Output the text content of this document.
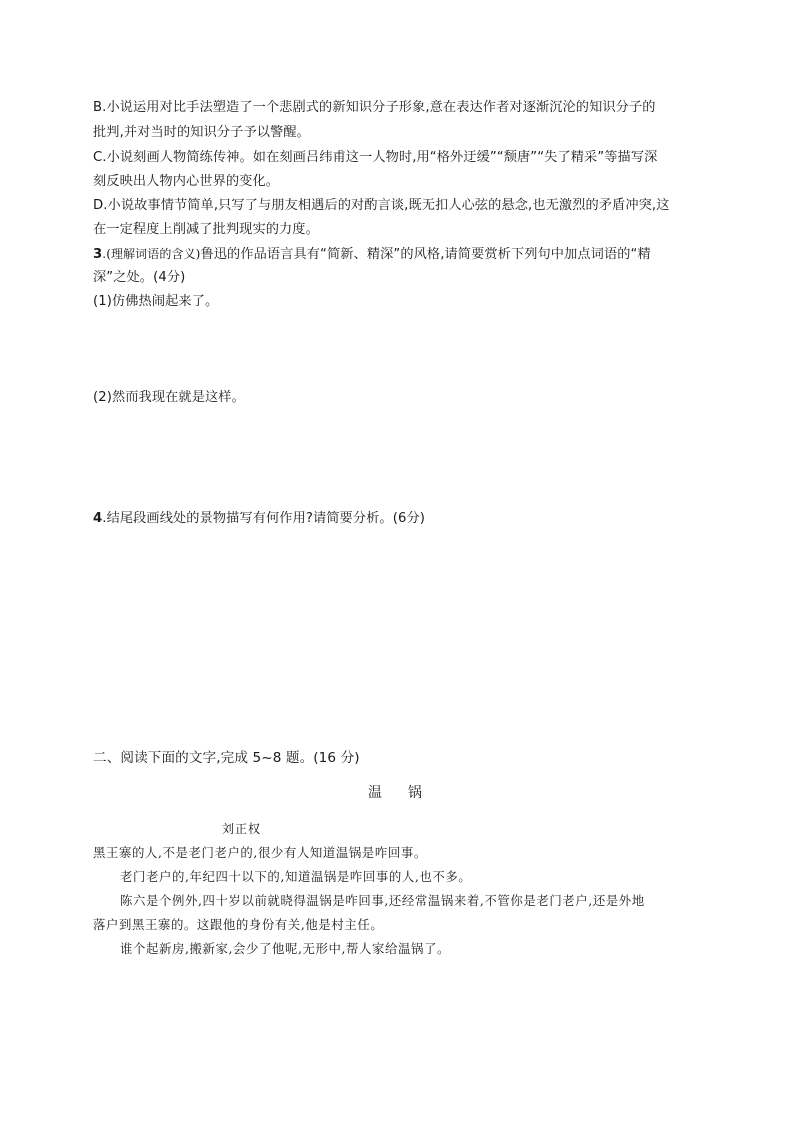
B.小说运用对比手法塑造了一个悲剧式的新知识分子形象,意在表达作者对逐渐沉沦的知识分子的
批判,并对当时的知识分子予以警醒。
C.小说刻画人物简练传神。如在刻画吕纬甫这一人物时,用“格外迂缓”“颓唐”“失了精采”等描写深
刻反映出人物内心世界的变化。
D.小说故事情节简单,只写了与朋友相遇后的对酌言谈,既无扣人心弦的悬念,也无激烈的矛盾冲突,这
在一定程度上削减了批判现实的力度。
3.(理解词语的含义)鲁迅的作品语言具有“简新、精深”的风格,请简要赏析下列句中加点词语的“精
深”之处。(4分)
(1)仿佛热闹起来了。
(2)然而我现在就是这样。
4.结尾段画线处的景物描写有何作用?请简要分析。(6分)
二、阅读下面的文字,完成 5~8 题。(16 分)
温 锅
刘正权
黑王寨的人,不是老门老户的,很少有人知道温锅是咋回事。
老门老户的,年纪四十以下的,知道温锅是咋回事的人,也不多。
陈六是个例外,四十岁以前就晓得温锅是咋回事,还经常温锅来着,不管你是老门老户,还是外地
落户到黑王寨的。这跟他的身份有关,他是村主任。
谁个起新房,搬新家,会少了他呢,无形中,帮人家给温锅了。
